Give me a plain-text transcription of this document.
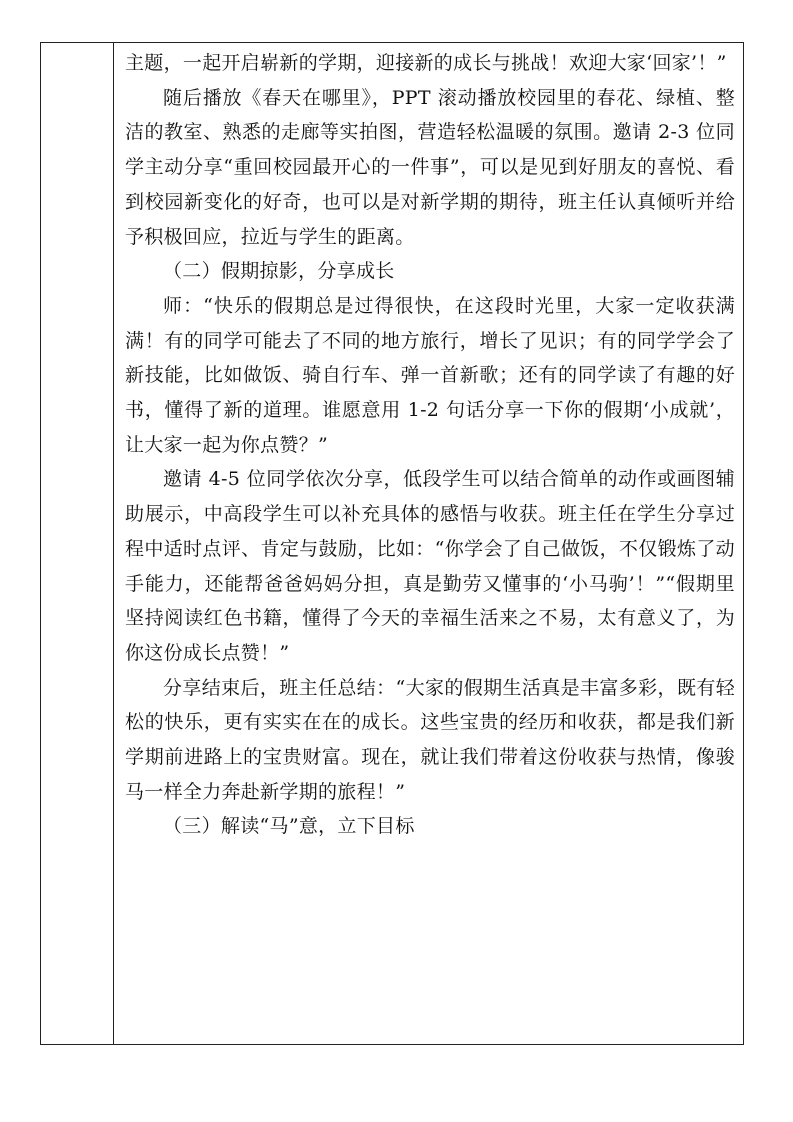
主题，一起开启崭新的学期，迎接新的成长与挑战！欢迎大家‘回家’！”

随后播放《春天在哪里》，PPT 滚动播放校园里的春花、绿植、整洁的教室、熟悉的走廊等实拍图，营造轻松温暖的氛围。邀请 2-3 位同学主动分享“重回校园最开心的一件事”，可以是见到好朋友的喜悦、看到校园新变化的好奇，也可以是对新学期的期待，班主任认真倾听并给予积极回应，拉近与学生的距离。

（二）假期掠影，分享成长

师：“快乐的假期总是过得很快，在这段时光里，大家一定收获满满！有的同学可能去了不同的地方旅行，增长了见识；有的同学学会了新技能，比如做饭、骑自行车、弹一首新歌；还有的同学读了有趣的好书，懂得了新的道理。谁愿意用 1-2 句话分享一下你的假期‘小成就’，让大家一起为你点赞？”

邀请 4-5 位同学依次分享，低段学生可以结合简单的动作或画图辅助展示，中高段学生可以补充具体的感悟与收获。班主任在学生分享过程中适时点评、肯定与鼓励，比如：“你学会了自己做饭，不仅锻炼了动手能力，还能帮爸爸妈妈分担，真是勤劳又懂事的‘小马驹’！”“假期里坚持阅读红色书籍，懂得了今天的幸福生活来之不易，太有意义了，为你这份成长点赞！”

分享结束后，班主任总结：“大家的假期生活真是丰富多彩，既有轻松的快乐，更有实实在在的成长。这些宝贵的经历和收获，都是我们新学期前进路上的宝贵财富。现在，就让我们带着这份收获与热情，像骏马一样全力奔赴新学期的旅程！”

（三）解读“马”意，立下目标
